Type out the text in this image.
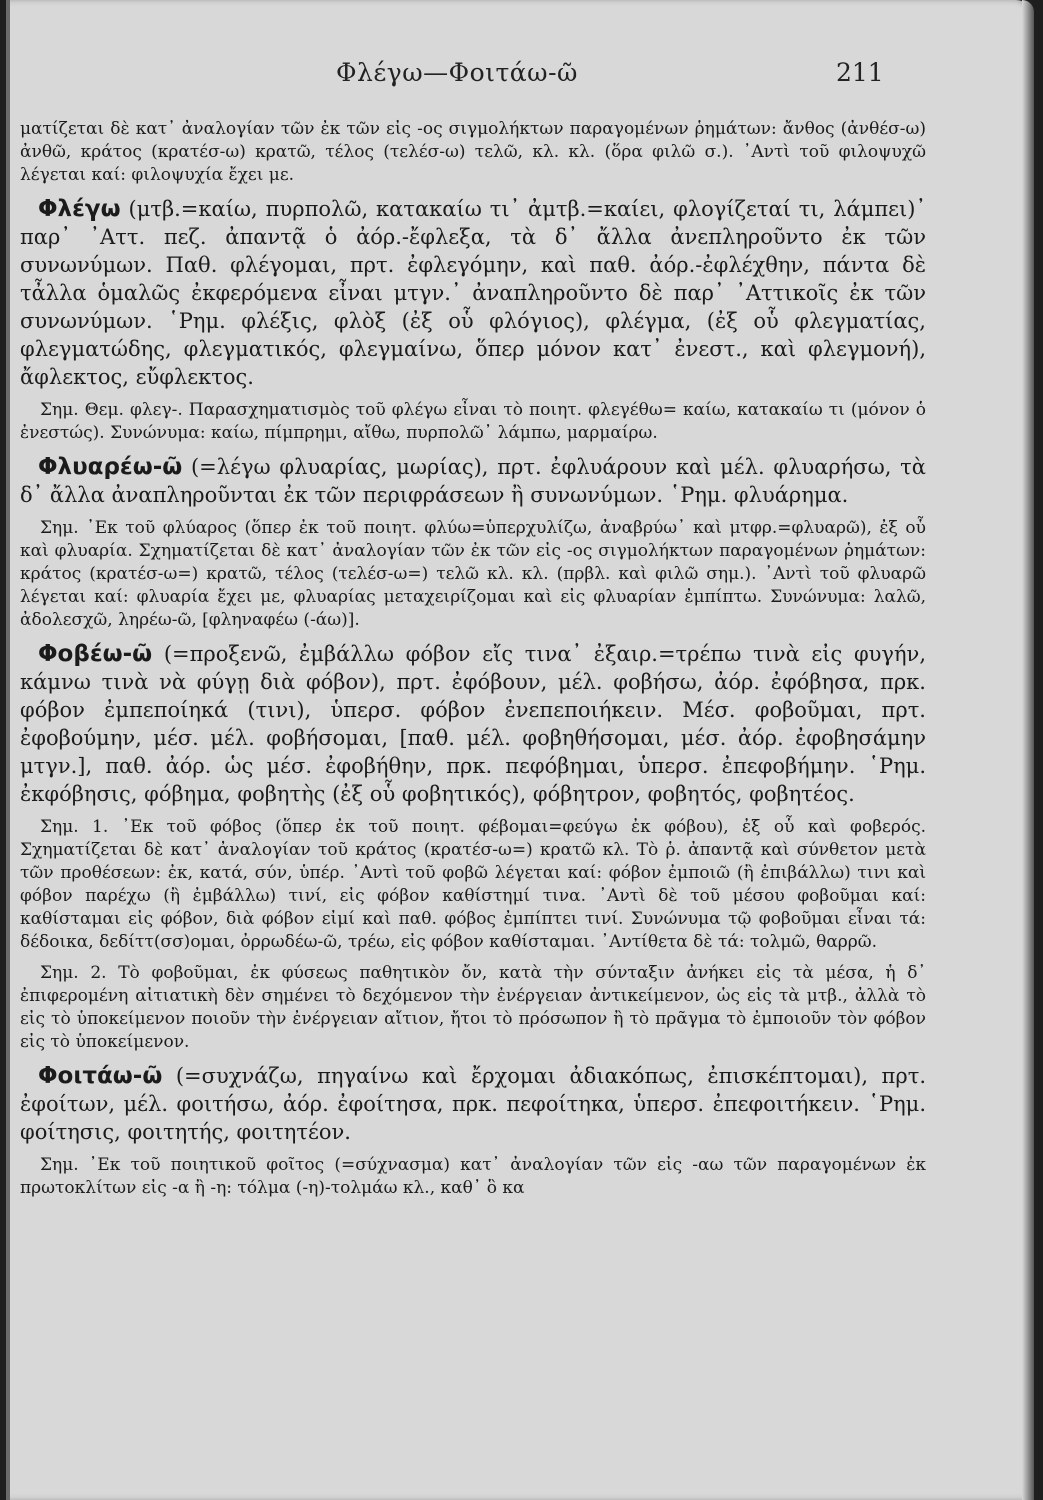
Φλέγω—Φοιτάω-ῶ	211

ματίζεται δὲ κατ᾽ ἀναλογίαν τῶν ἐκ τῶν εἰς -ος σιγμολήκτων παραγομένων ῥημάτων: ἄνθος (ἀνθέσ-ω) ἀνθῶ, κράτος (κρατέσ-ω) κρατῶ, τέλος (τελέσ-ω) τελῶ, κλ. κλ. (ὅρα φιλῶ σ.). ᾽Αντὶ τοῦ φιλοψυχῶ λέγεται καί: φιλοψυχία ἔχει με.

Φλέγω (μτβ.=καίω, πυρπολῶ, κατακαίω τι᾽ ἀμτβ.=καίει, φλογίζεταί τι, λάμπει)᾽ παρ᾽ ᾽Αττ. πεζ. ἀπαντᾷ ὁ ἀόρ.-ἔφλεξα, τὰ δ᾽ ἄλλα ἀνεπληροῦντο ἐκ τῶν συνωνύμων. Παθ. φλέγομαι, πρτ. ἐφλεγόμην, καὶ παθ. ἀόρ.-ἐφλέχθην, πάντα δὲ τἆλλα ὁμαλῶς ἐκφερόμενα εἶναι μτγν.᾽ ἀναπληροῦντο δὲ παρ᾽ ᾽Αττικοῖς ἐκ τῶν συνωνύμων. ῾Ρημ. φλέξις, φλὸξ (ἐξ οὗ φλόγιος), φλέγμα, (ἐξ οὗ φλεγματίας, φλεγματώδης, φλεγματικός, φλεγμαίνω, ὅπερ μόνον κατ᾽ ἐνεστ., καὶ φλεγμονή), ἄφλεκτος, εὔφλεκτος.

Σημ. Θεμ. φλεγ-. Παρασχηματισμὸς τοῦ φλέγω εἶναι τὸ ποιητ. φλεγέθω= καίω, κατακαίω τι (μόνον ὁ ἐνεστώς). Συνώνυμα: καίω, πίμπρημι, αἴθω, πυρπολῶ᾽ λάμπω, μαρμαίρω.

Φλυαρέω-ῶ (=λέγω φλυαρίας, μωρίας), πρτ. ἐφλυάρουν καὶ μέλ. φλυαρήσω, τὰ δ᾽ ἄλλα ἀναπληροῦνται ἐκ τῶν περιφράσεων ἢ συνωνύμων. ῾Ρημ. φλυάρημα.

Σημ. ᾽Εκ τοῦ φλύαρος (ὅπερ ἐκ τοῦ ποιητ. φλύω=ὑπερχυλίζω, ἀναβρύω᾽ καὶ μτφρ.=φλυαρῶ), ἐξ οὗ καὶ φλυαρία. Σχηματίζεται δὲ κατ᾽ ἀναλογίαν τῶν ἐκ τῶν εἰς -ος σιγμολήκτων παραγομένων ῥημάτων: κράτος (κρατέσ-ω=) κρατῶ, τέλος (τελέσ-ω=) τελῶ κλ. κλ. (πρβλ. καὶ φιλῶ σημ.). ᾽Αντὶ τοῦ φλυαρῶ λέγεται καί: φλυαρία ἔχει με, φλυαρίας μεταχειρίζομαι καὶ εἰς φλυαρίαν ἐμπίπτω. Συνώνυμα: λαλῶ, ἀδολεσχῶ, ληρέω-ῶ, [φληναφέω (-άω)].

Φοβέω-ῶ (=προξενῶ, ἐμβάλλω φόβον εἴς τινα᾽ ἐξαιρ.=τρέπω τινὰ εἰς φυγήν, κάμνω τινὰ νὰ φύγῃ διὰ φόβον), πρτ. ἐφόβουν, μέλ. φοβήσω, ἀόρ. ἐφόβησα, πρκ. φόβον ἐμπεποίηκά (τινι), ὑπερσ. φόβον ἐνεπεποιήκειν. Μέσ. φοβοῦμαι, πρτ. ἐφοβούμην, μέσ. μέλ. φοβήσομαι, [παθ. μέλ. φοβηθήσομαι, μέσ. ἀόρ. ἐφοβησάμην μτγν.], παθ. ἀόρ. ὡς μέσ. ἐφοβήθην, πρκ. πεφόβημαι, ὑπερσ. ἐπεφοβήμην. ῾Ρημ. ἐκφόβησις, φόβημα, φοβητὴς (ἐξ οὗ φοβητικός), φόβητρον, φοβητός, φοβητέος.

Σημ. 1. ᾽Εκ τοῦ φόβος (ὅπερ ἐκ τοῦ ποιητ. φέβομαι=φεύγω ἐκ φόβου), ἐξ οὗ καὶ φοβερός. Σχηματίζεται δὲ κατ᾽ ἀναλογίαν τοῦ κράτος (κρατέσ-ω=) κρατῶ κλ. Τὸ ῥ. ἀπαντᾷ καὶ σύνθετον μετὰ τῶν προθέσεων: ἐκ, κατά, σύν, ὑπέρ. ᾽Αντὶ τοῦ φοβῶ λέγεται καί: φόβον ἐμποιῶ (ἢ ἐπιβάλλω) τινι καὶ φόβον παρέχω (ἢ ἐμβάλλω) τινί, εἰς φόβον καθίστημί τινα. ᾽Αντὶ δὲ τοῦ μέσου φοβοῦμαι καί: καθίσταμαι εἰς φόβον, διὰ φόβον εἰμί καὶ παθ. φόβος ἐμπίπτει τινί. Συνώνυμα τῷ φοβοῦμαι εἶναι τά: δέδοικα, δεδίττ(σσ)ομαι, ὀρρωδέω-ῶ, τρέω, εἰς φόβον καθίσταμαι. ᾽Αντίθετα δὲ τά: τολμῶ, θαρρῶ.

Σημ. 2. Τὸ φοβοῦμαι, ἐκ φύσεως παθητικὸν ὄν, κατὰ τὴν σύνταξιν ἀνήκει εἰς τὰ μέσα, ἡ δ᾽ ἐπιφερομένη αἰτιατικὴ δὲν σημένει τὸ δεχόμενον τὴν ἐνέργειαν ἀντικείμενον, ὡς εἰς τὰ μτβ., ἀλλὰ τὸ εἰς τὸ ὑποκείμενον ποιοῦν τὴν ἐνέργειαν αἴτιον, ἤτοι τὸ πρόσωπον ἢ τὸ πρᾶγμα τὸ ἐμποιοῦν τὸν φόβον εἰς τὸ ὑποκείμενον.

Φοιτάω-ῶ (=συχνάζω, πηγαίνω καὶ ἔρχομαι ἀδιακόπως, ἐπισκέπτομαι), πρτ. ἐφοίτων, μέλ. φοιτήσω, ἀόρ. ἐφοίτησα, πρκ. πεφοίτηκα, ὑπερσ. ἐπεφοιτήκειν. ῾Ρημ. φοίτησις, φοιτητής, φοιτητέον.

Σημ. ᾽Εκ τοῦ ποιητικοῦ φοῖτος (=σύχνασμα) κατ᾽ ἀναλογίαν τῶν εἰς -αω τῶν παραγομένων ἐκ πρωτοκλίτων εἰς -α ἢ -η: τόλμα (-η)-τολμάω κλ., καθ᾽ ὃ κα
